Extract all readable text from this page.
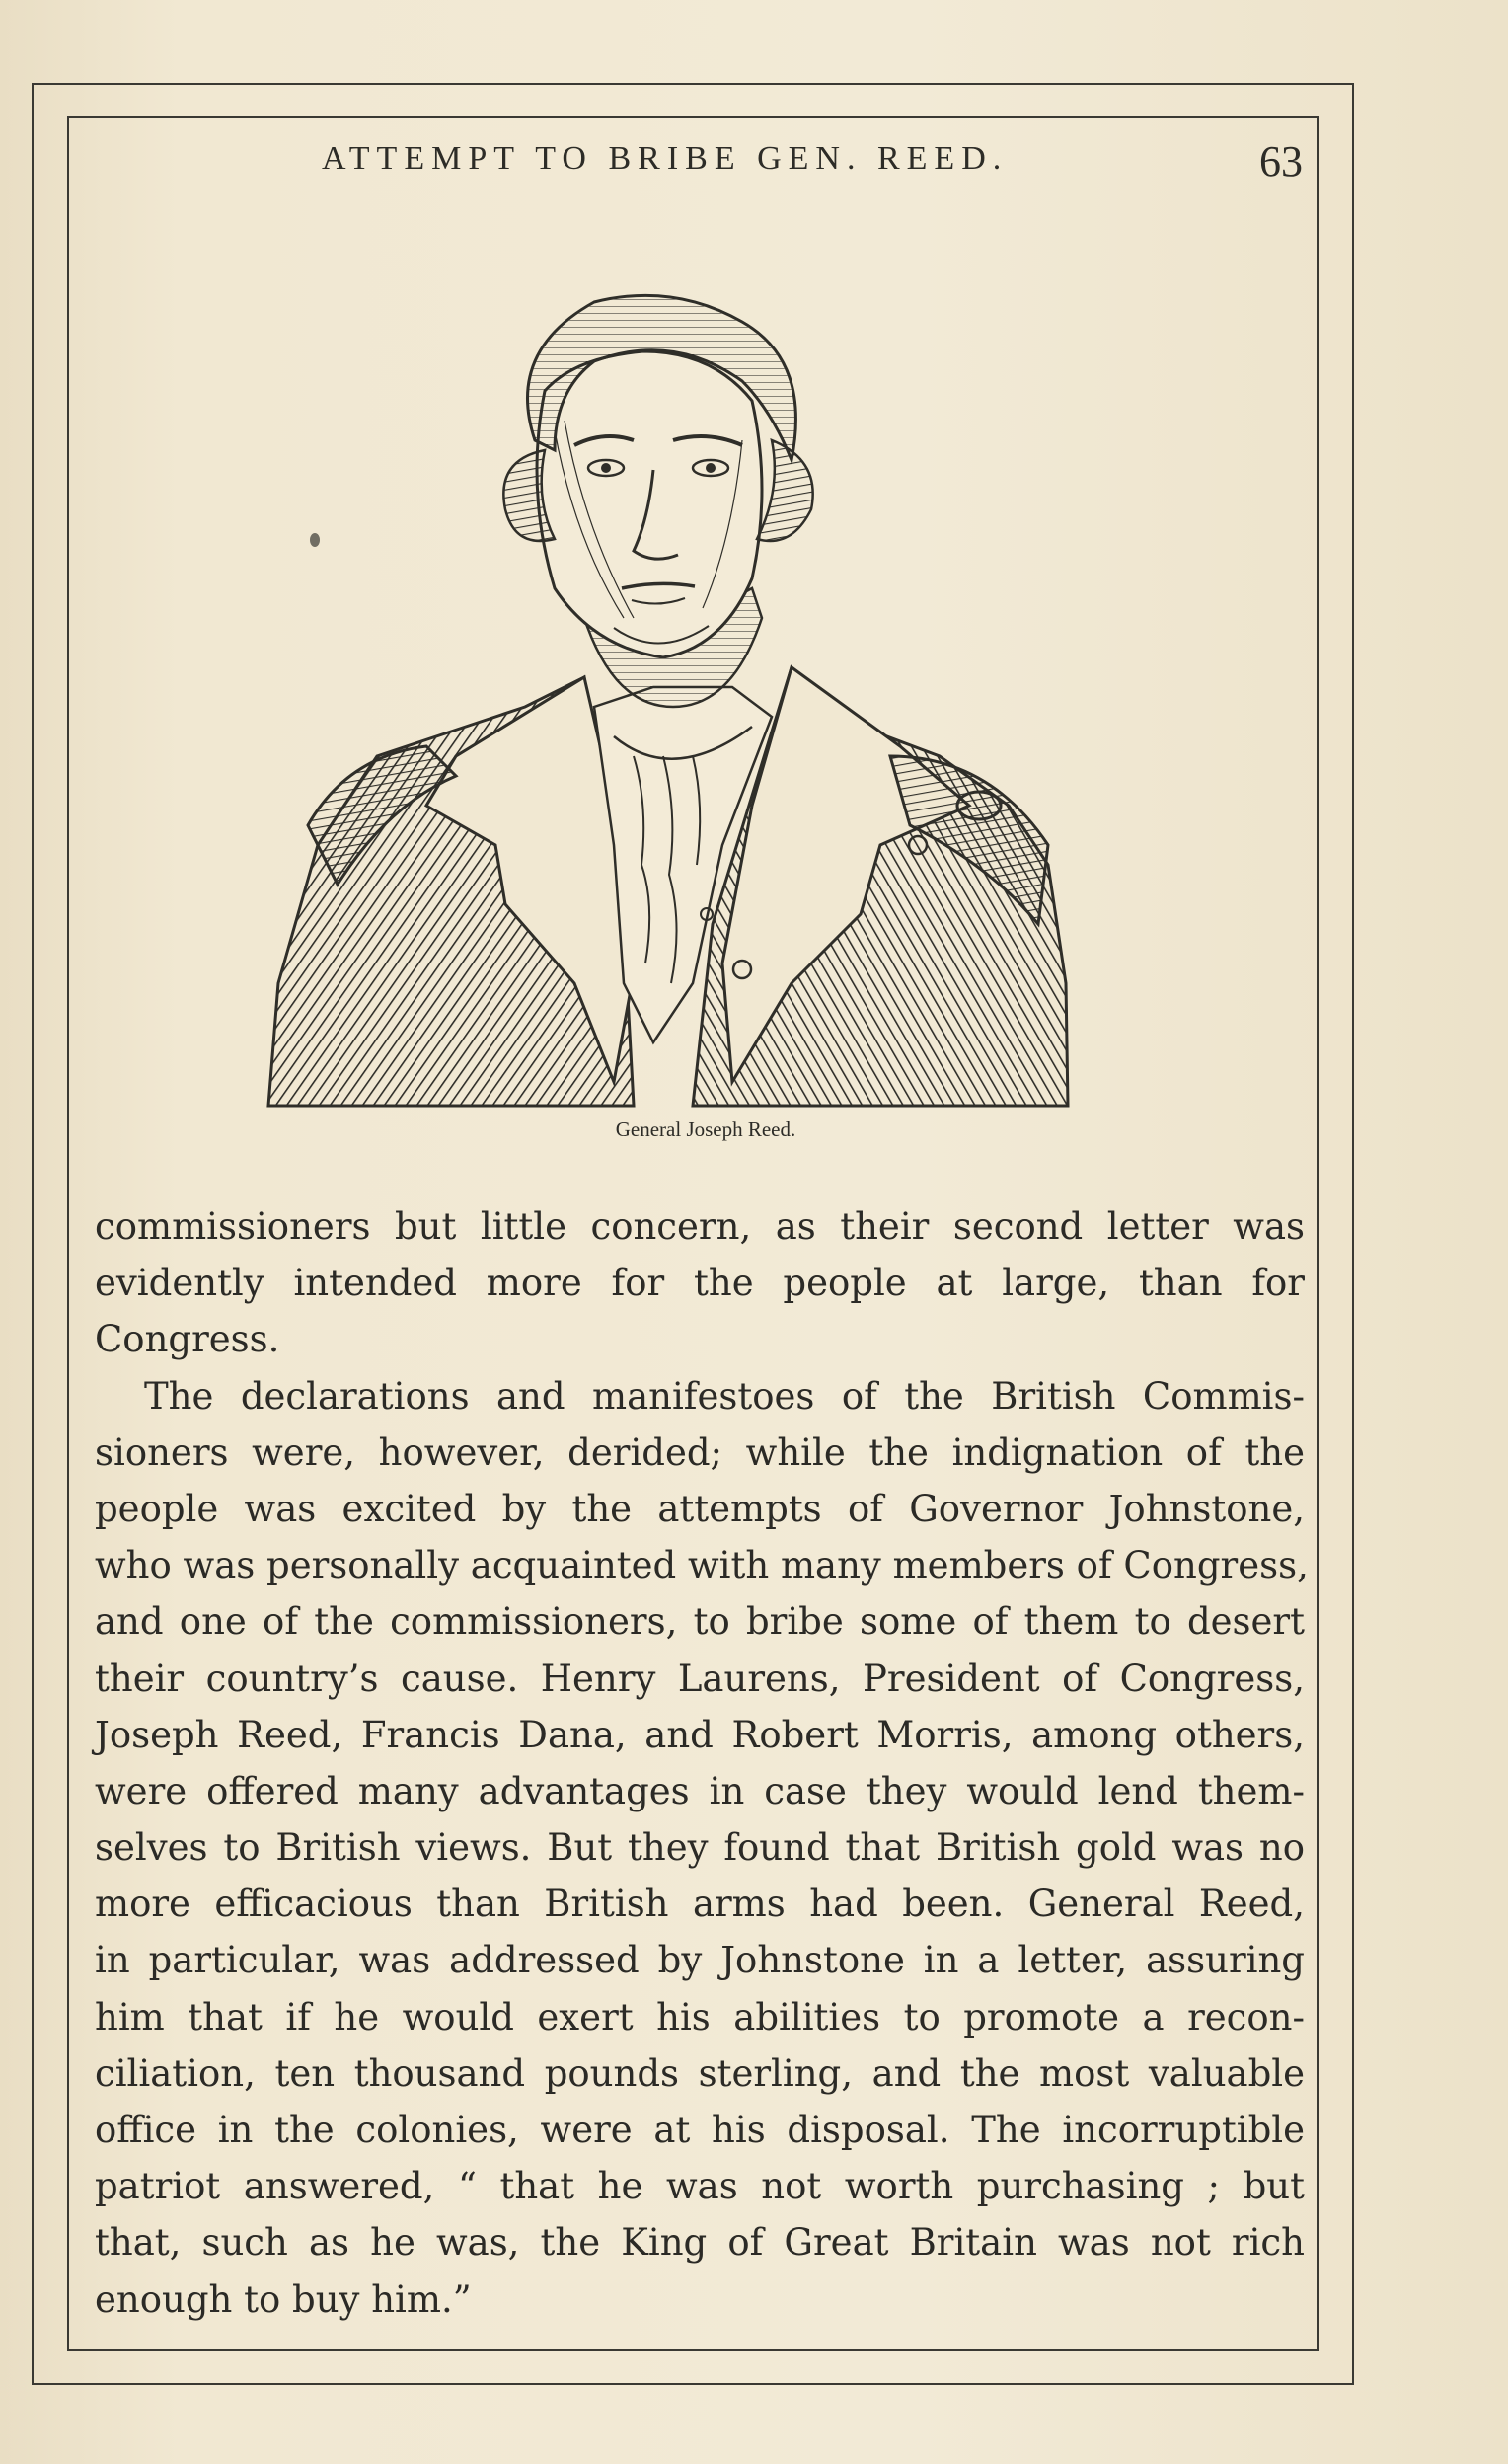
ATTEMPT TO BRIBE GEN. REED.	63
General Joseph Reed.
commissioners but little concern, as their second letter was
evidently intended more for the people at large, than for
Congress.
The declarations and manifestoes of the British Commis-
sioners were, however, derided; while the indignation of the
people was excited by the attempts of Governor Johnstone,
who was personally acquainted with many members of Congress,
and one of the commissioners, to bribe some of them to desert
their country’s cause. Henry Laurens, President of Congress,
Joseph Reed, Francis Dana, and Robert Morris, among others,
were offered many advantages in case they would lend them-
selves to British views. But they found that British gold was no
more efficacious than British arms had been. General Reed,
in particular, was addressed by Johnstone in a letter, assuring
him that if he would exert his abilities to promote a recon-
ciliation, ten thousand pounds sterling, and the most valuable
office in the colonies, were at his disposal. The incorruptible
patriot answered, “ that he was not worth purchasing ; but
that, such as he was, the King of Great Britain was not rich
enough to buy him.”
